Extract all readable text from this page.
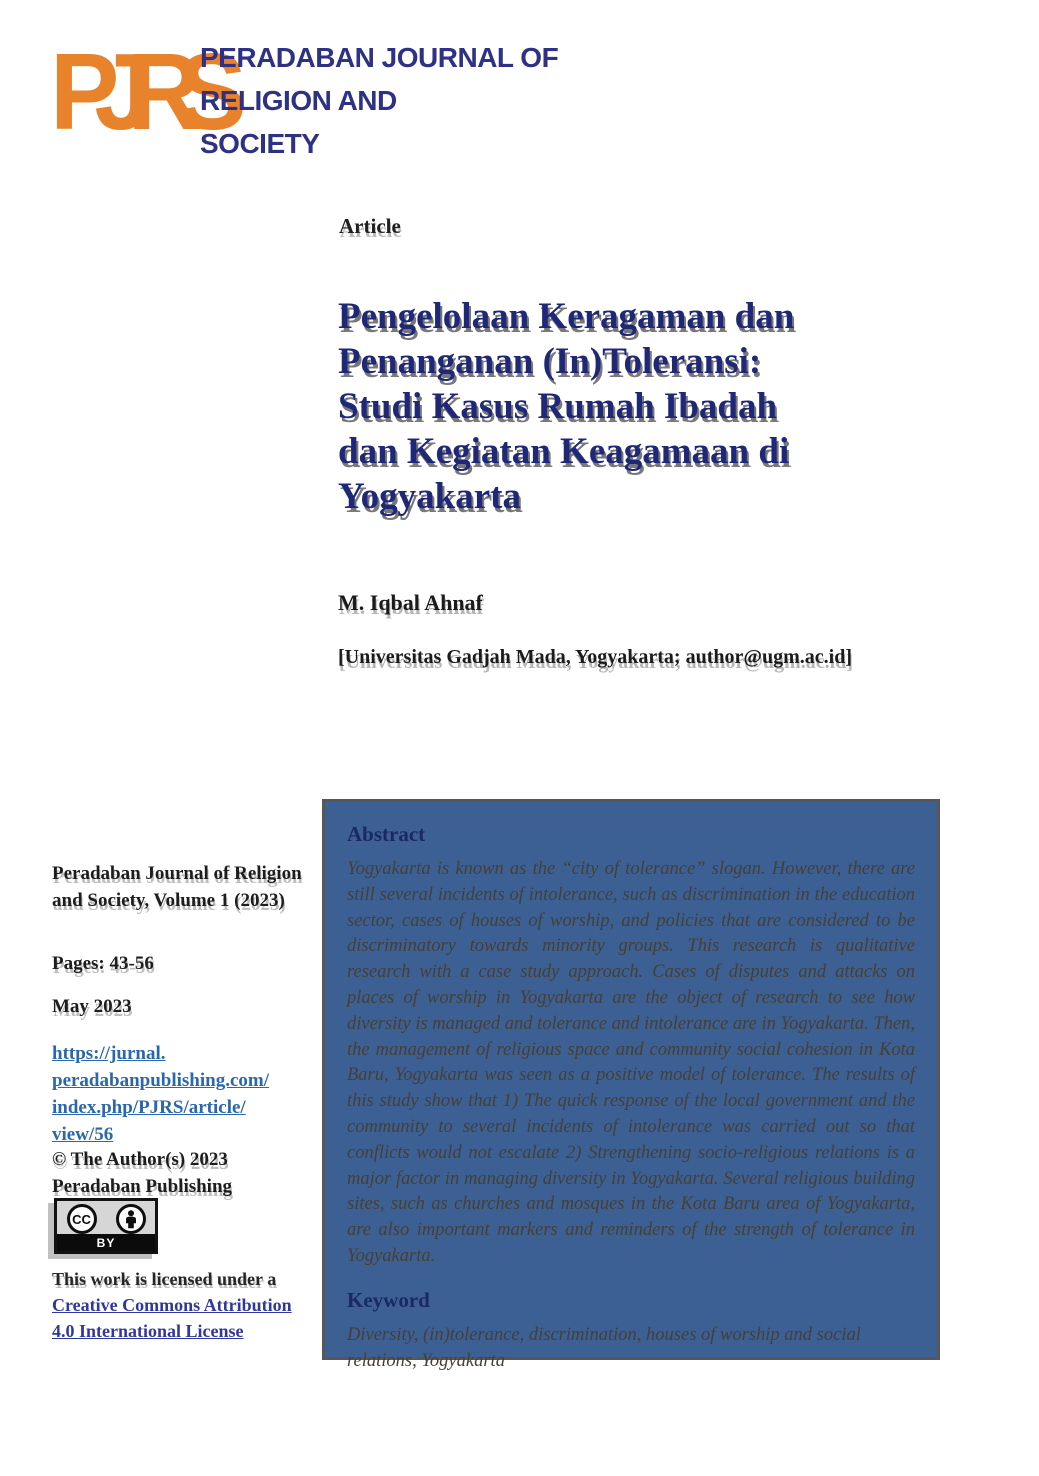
PJRS
PERADABAN JOURNAL OF
RELIGION AND
SOCIETY
Article
Pengelolaan Keragaman dan
Penanganan (In)Toleransi:
Studi Kasus Rumah Ibadah
dan Kegiatan Keagamaan di
Yogyakarta
M. Iqbal Ahnaf
[Universitas Gadjah Mada, Yogyakarta; author@ugm.ac.id]
Peradaban Journal of Religion and Society, Volume 1 (2023)
Pages: 43-56
May 2023
https://jurnal.
peradabanpublishing.com/
index.php/PJRS/article/
view/56
© The Author(s) 2023
Peradaban Publishing
CC
BY
This work is licensed under a
Creative Commons Attribution 4.0 International License
Abstract

Yogyakarta is known as the “city of tolerance” slogan. However, there are still several incidents of intolerance, such as discrimination in the education sector, cases of houses of worship, and policies that are considered to be discriminatory towards minority groups. This research is qualitative research with a case study approach. Cases of disputes and attacks on places of worship in Yogyakarta are the object of research to see how diversity is managed and tolerance and intolerance are in Yogyakarta. Then, the management of religious space and community social cohesion in Kota Baru, Yogyakarta was seen as a positive model of tolerance. The results of this study show that 1) The quick response of the local government and the community to several incidents of intolerance was carried out so that conflicts would not escalate 2) Strengthening socio-religious relations is a major factor in managing diversity in Yogyakarta. Several religious building sites, such as churches and mosques in the Kota Baru area of Yogyakarta, are also important markers and reminders of the strength of tolerance in Yogyakarta.

Keyword

Diversity, (in)tolerance, discrimination, houses of worship and social relations, Yogyakarta
